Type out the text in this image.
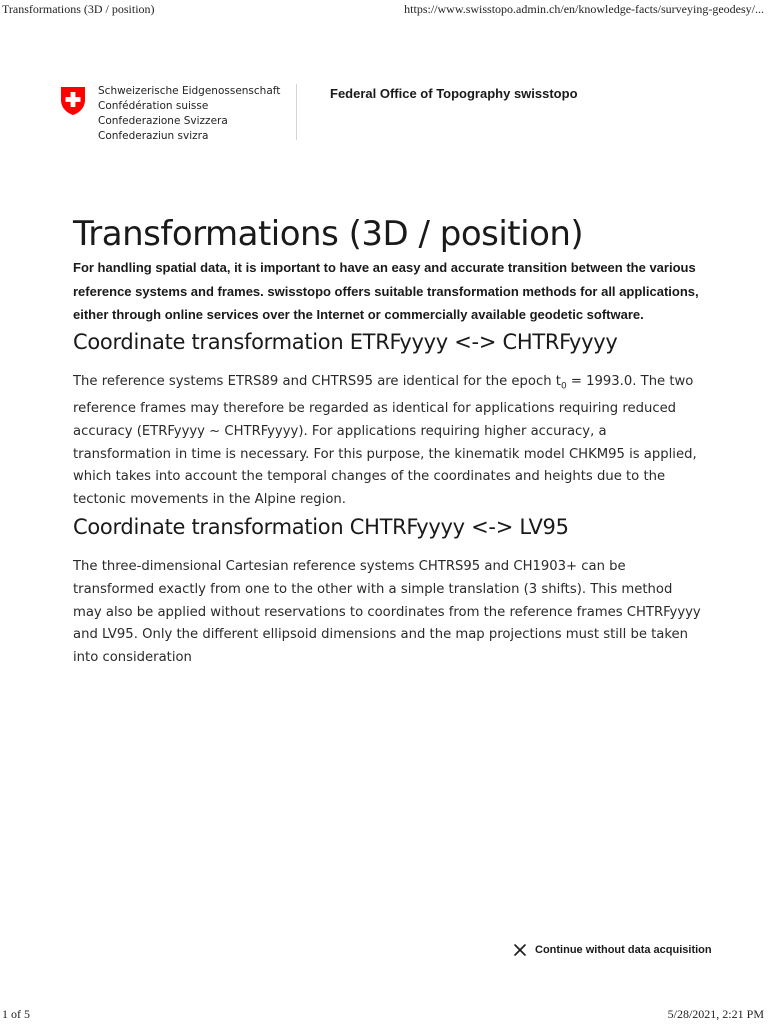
Transformations (3D / position)	https://www.swisstopo.admin.ch/en/knowledge-facts/surveying-geodesy/...
Schweizerische Eidgenossenschaft
Confédération suisse
Confederazione Svizzera
Confederaziun svizra
Federal Office of Topography swisstopo
Transformations (3D / position)

For handling spatial data, it is important to have an easy and accurate transition between the various reference systems and frames. swisstopo offers suitable transformation methods for all applications, either through online services over the Internet or commercially available geodetic software.

Coordinate transformation ETRFyyyy <-> CHTRFyyyy

The reference systems ETRS89 and CHTRS95 are identical for the epoch $t_0 = 1993.0$. The two reference frames may therefore be regarded as identical for applications requiring reduced accuracy (ETRFyyyy ~ CHTRFyyyy). For applications requiring higher accuracy, a transformation in time is necessary. For this purpose, the kinematik model CHKM95 is applied, which takes into account the temporal changes of the coordinates and heights due to the tectonic movements in the Alpine region.

Coordinate transformation CHTRFyyyy <-> LV95

The three-dimensional Cartesian reference systems CHTRS95 and CH1903+ can be transformed exactly from one to the other with a simple translation (3 shifts). This method may also be applied without reservations to coordinates from the reference frames CHTRFyyyy and LV95. Only the different ellipsoid dimensions and the map projections must still be taken into consideration

Continue without data acquisition
1 of 5	5/28/2021, 2:21 PM
